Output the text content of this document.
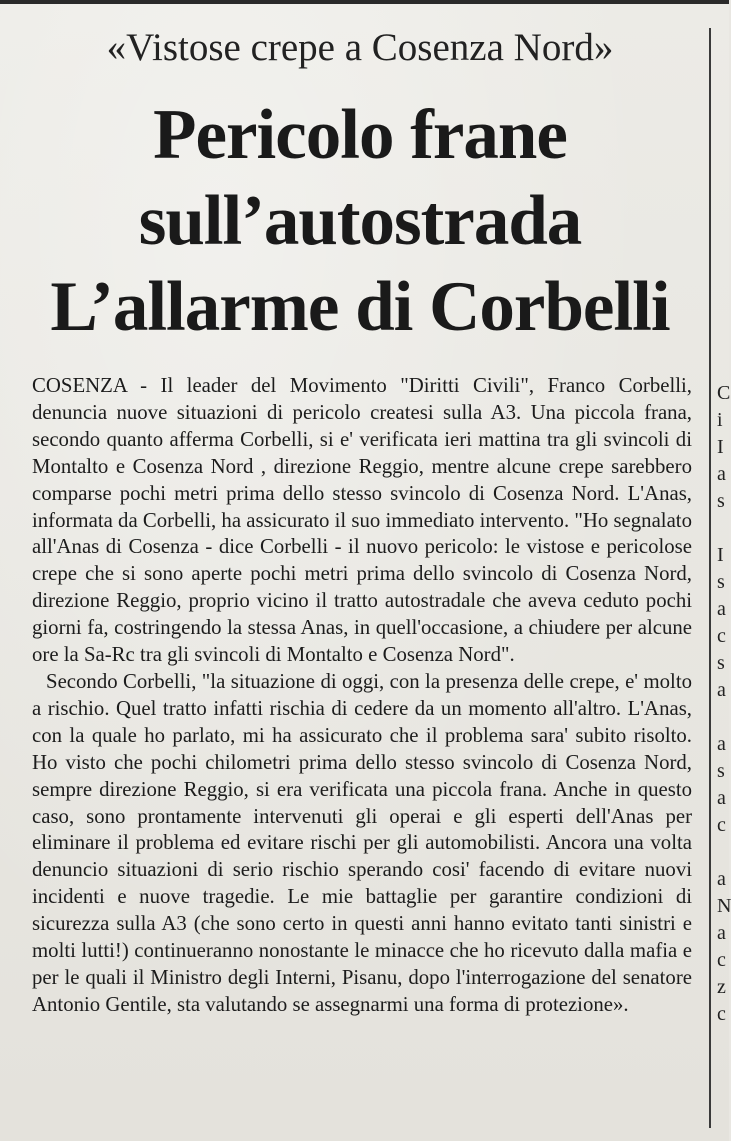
«Vistose crepe a Cosenza Nord»
Pericolo frane
sull’autostrada
L’allarme di Corbelli

COSENZA - Il leader del Movimento "Diritti Civili", Franco Corbelli, denuncia nuove situazioni di pericolo createsi sulla A3. Una piccola frana, secondo quanto afferma Corbelli, si e' verificata ieri mattina tra gli svincoli di Montalto e Cosenza Nord , direzione Reggio, mentre alcune crepe sarebbero comparse pochi metri prima dello stesso svincolo di Cosenza Nord. L'Anas, informata da Corbelli, ha assicurato il suo immediato intervento. "Ho segnalato all'Anas di Cosenza - dice Corbelli - il nuovo pericolo: le vistose e pericolose crepe che si sono aperte pochi metri prima dello svincolo di Cosenza Nord, direzione Reggio, proprio vicino il tratto autostradale che aveva ceduto pochi giorni fa, costringendo la stessa Anas, in quell'occasione, a chiudere per alcune ore la Sa-Rc tra gli svincoli di Montalto e Cosenza Nord".

Secondo Corbelli, "la situazione di oggi, con la presenza delle crepe, e' molto a rischio. Quel tratto infatti rischia di cedere da un momento all'altro. L'Anas, con la quale ho parlato, mi ha assicurato che il problema sara' subito risolto. Ho visto che pochi chilometri prima dello stesso svincolo di Cosenza Nord, sempre direzione Reggio, si era verificata una piccola frana. Anche in questo caso, sono prontamente intervenuti gli operai e gli esperti dell'Anas per eliminare il problema ed evitare rischi per gli automobilisti. Ancora una volta denuncio situazioni di serio rischio sperando cosi' facendo di evitare nuovi incidenti e nuove tragedie. Le mie battaglie per garantire condizioni di sicurezza sulla A3 (che sono certo in questi anni hanno evitato tanti sinistri e molti lutti!) continueranno nonostante le minacce che ho ricevuto dalla mafia e per le quali il Ministro degli Interni, Pisanu, dopo l'interrogazione del senatore Antonio Gentile, sta valutando se assegnarmi una forma di protezione».

C
i
I
a
s
I
s
a
c
s
a
a
s
a
c
a
N
a
c
z
c
